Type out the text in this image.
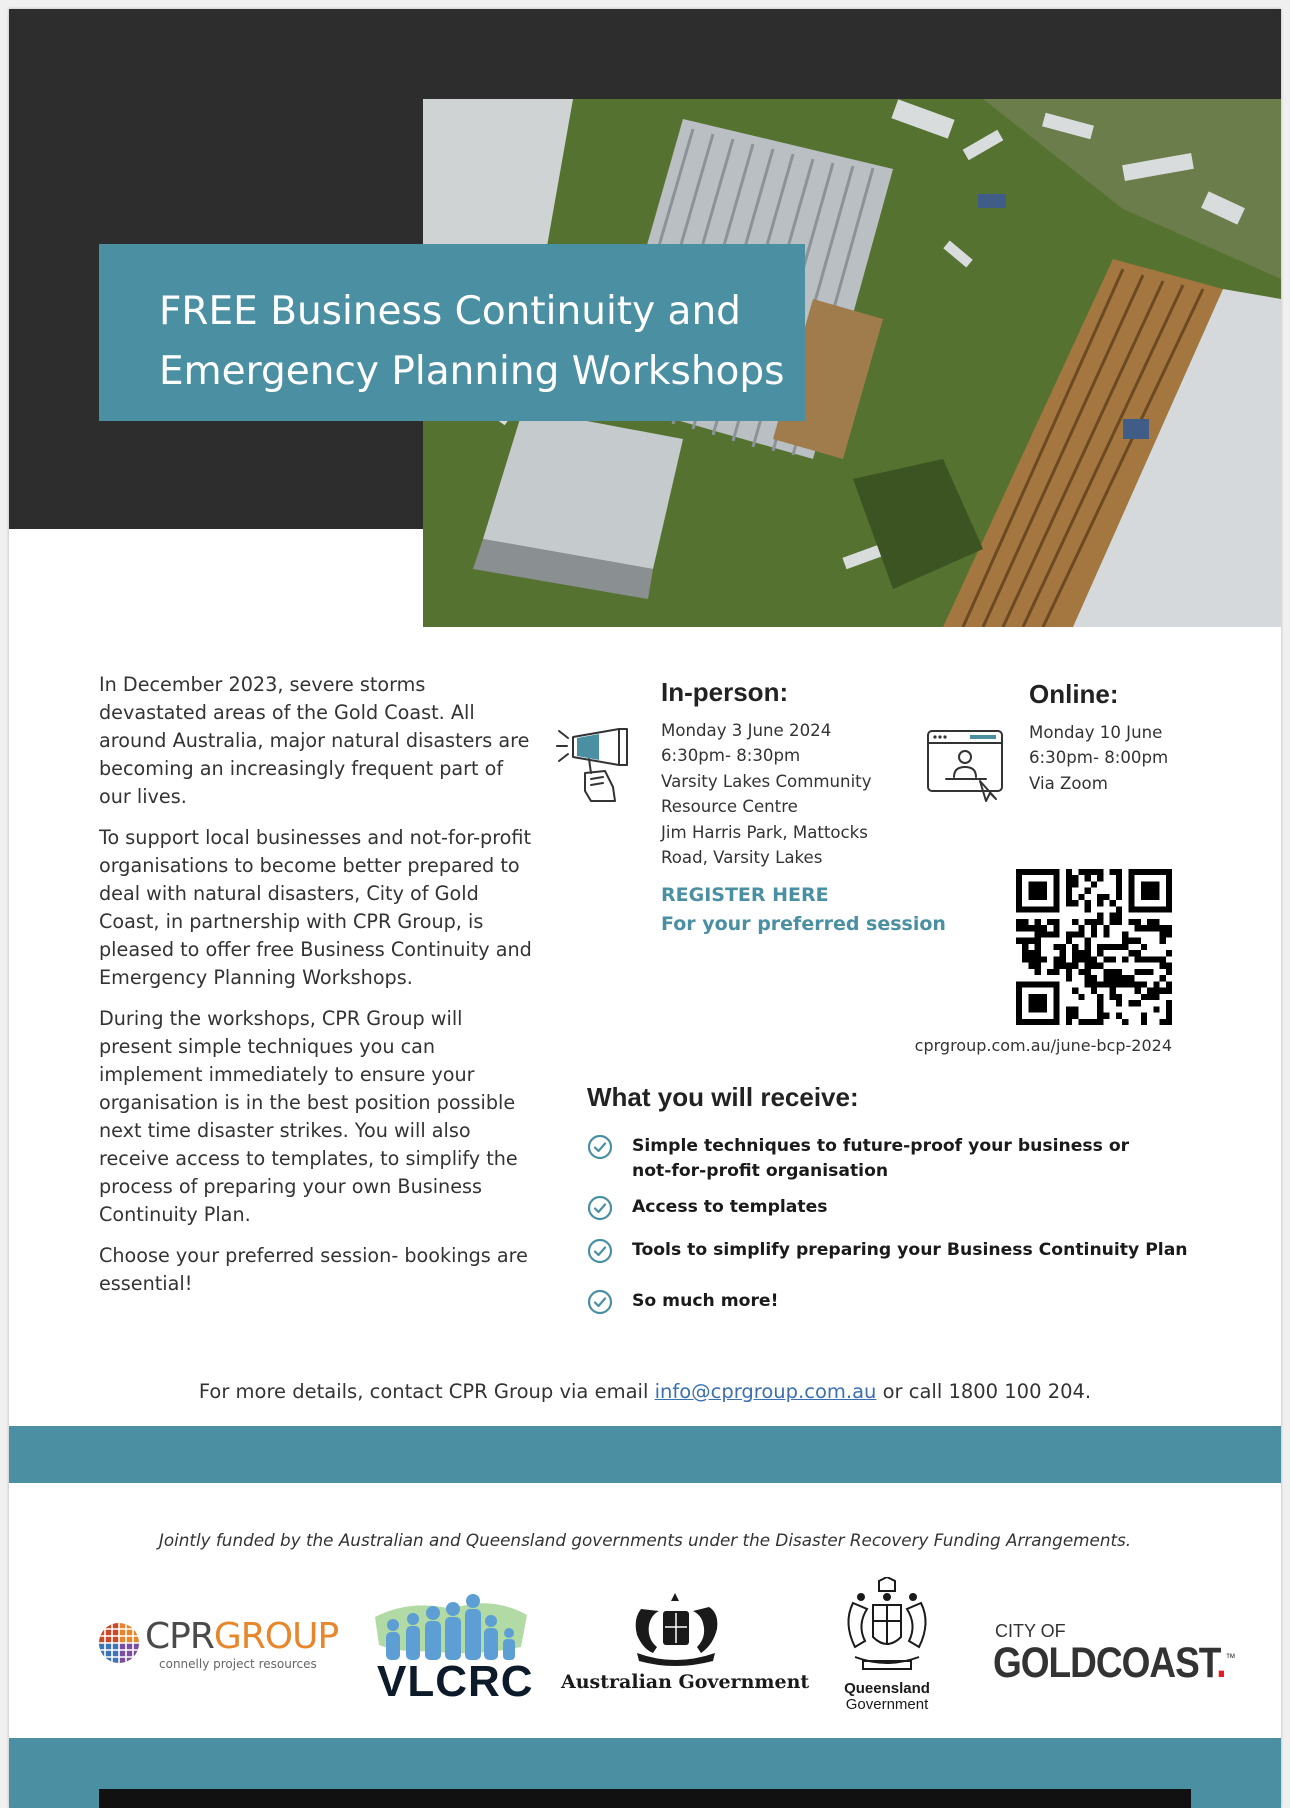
FREE Business Continuity and
Emergency Planning Workshops

In December 2023, severe storms devastated areas of the Gold Coast. All around Australia, major natural disasters are becoming an increasingly frequent part of our lives.

To support local businesses and not-for-profit organisations to become better prepared to deal with natural disasters, City of Gold Coast, in partnership with CPR Group, is pleased to offer free Business Continuity and Emergency Planning Workshops.

During the workshops, CPR Group will present simple techniques you can implement immediately to ensure your organisation is in the best position possible next time disaster strikes. You will also receive access to templates, to simplify the process of preparing your own Business Continuity Plan.

Choose your preferred session- bookings are essential!

In-person:
Monday 3 June 2024
6:30pm- 8:30pm
Varsity Lakes Community
Resource Centre
Jim Harris Park, Mattocks
Road, Varsity Lakes
REGISTER HERE
For your preferred session
Online:
Monday 10 June
6:30pm- 8:00pm
Via Zoom
cprgroup.com.au/june-bcp-2024
What you will receive:
Simple techniques to future-proof your business or not-for-profit organisation
Access to templates
Tools to simplify preparing your Business Continuity Plan
So much more!
For more details, contact CPR Group via email info@cprgroup.com.au or call 1800 100 204.
Jointly funded by the Australian and Queensland governments under the Disaster Recovery Funding Arrangements.
CPRGROUP
connelly project resources VLCRC Australian Government	Queensland
Government
CITY OF
GOLDCOAST.™
